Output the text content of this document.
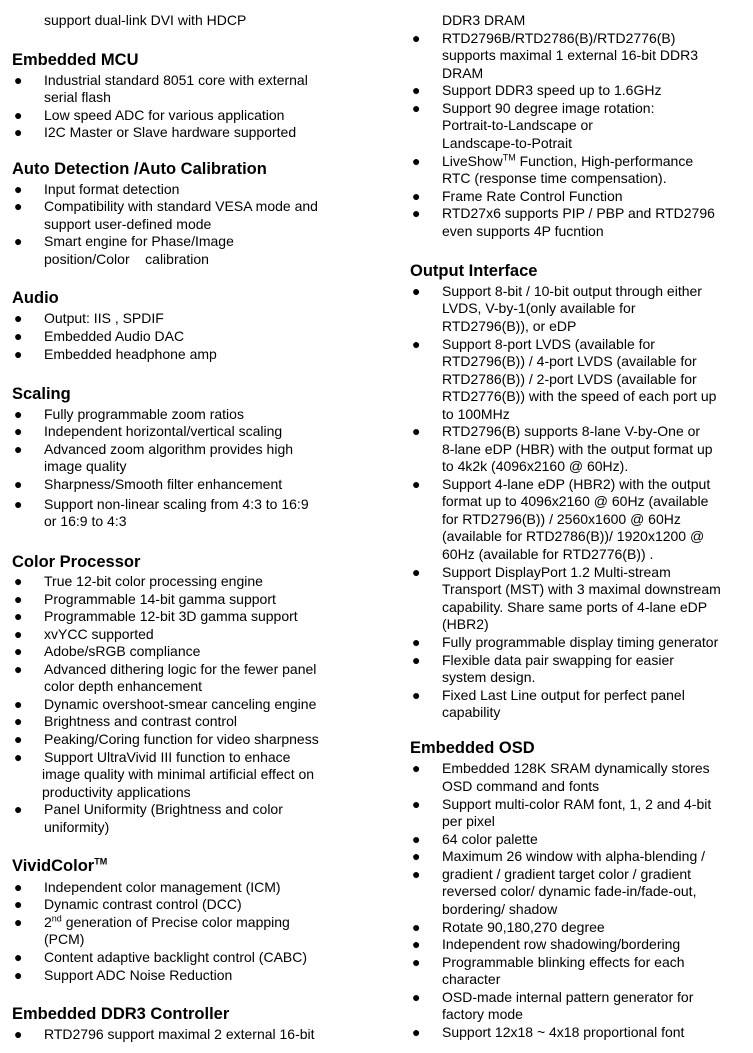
support dual-link DVI with HDCP
Embedded MCU
Industrial standard 8051 core with external
●
serial flash
Low speed ADC for various application
●
I2C Master or Slave hardware supported
●
Auto Detection /Auto Calibration
Input format detection
●
Compatibility with standard VESA mode and
●
support user-defined mode
Smart engine for Phase/Image
●
position/Color    calibration
Audio
Output: IIS , SPDIF
●
Embedded Audio DAC
●
Embedded headphone amp
●
Scaling
Fully programmable zoom ratios
●
Independent horizontal/vertical scaling
●
Advanced zoom algorithm provides high
●
image quality
Sharpness/Smooth filter enhancement
●
Support non-linear scaling from 4:3 to 16:9
●
or 16:9 to 4:3
Color Processor
True 12-bit color processing engine
●
Programmable 14-bit gamma support
●
Programmable 12-bit 3D gamma support
●
xvYCC supported
●
Adobe/sRGB compliance
●
Advanced dithering logic for the fewer panel
●
color depth enhancement
Dynamic overshoot-smear canceling engine
●
Brightness and contrast control
●
Peaking/Coring function for video sharpness
●
Support UltraVivid III function to enhace
●
image quality with minimal artificial effect on
productivity applications
Panel Uniformity (Brightness and color
●
uniformity)
VividColor™
Independent color management (ICM)
●
Dynamic contrast control (DCC)
●
2nd generation of Precise color mapping
●
(PCM)
Content adaptive backlight control (CABC)
●
Support ADC Noise Reduction
●
Embedded DDR3 Controller
RTD2796 support maximal 2 external 16-bit
●
DDR3 DRAM
RTD2796B/RTD2786(B)/RTD2776(B)
●
supports maximal 1 external 16-bit DDR3
DRAM
Support DDR3 speed up to 1.6GHz
●
Support 90 degree image rotation:
●
Portrait-to-Landscape or
Landscape-to-Potrait
LiveShow™ Function, High-performance
●
RTC (response time compensation).
Frame Rate Control Function
●
RTD27x6 supports PIP / PBP and RTD2796
●
even supports 4P fucntion
Output Interface
Support 8-bit / 10-bit output through either
●
LVDS, V-by-1(only available for
RTD2796(B)), or eDP
Support 8-port LVDS (available for
●
RTD2796(B)) / 4-port LVDS (available for
RTD2786(B)) / 2-port LVDS (available for
RTD2776(B)) with the speed of each port up
to 100MHz
RTD2796(B) supports 8-lane V-by-One or
●
8-lane eDP (HBR) with the output format up
to 4k2k (4096x2160 @ 60Hz).
Support 4-lane eDP (HBR2) with the output
●
format up to 4096x2160 @ 60Hz (available
for RTD2796(B)) / 2560x1600 @ 60Hz
(available for RTD2786(B))/ 1920x1200 @
60Hz (available for RTD2776(B)) .
Support DisplayPort 1.2 Multi-stream
●
Transport (MST) with 3 maximal downstream
capability. Share same ports of 4-lane eDP
(HBR2)
Fully programmable display timing generator
●
Flexible data pair swapping for easier
●
system design.
Fixed Last Line output for perfect panel
●
capability
Embedded OSD
Embedded 128K SRAM dynamically stores
●
OSD command and fonts
Support multi-color RAM font, 1, 2 and 4-bit
●
per pixel
64 color palette
●
Maximum 26 window with alpha-blending /
●
gradient / gradient target color / gradient
●
reversed color/ dynamic fade-in/fade-out,
bordering/ shadow
Rotate 90,180,270 degree
●
Independent row shadowing/bordering
●
Programmable blinking effects for each
●
character
OSD-made internal pattern generator for
●
factory mode
Support 12x18 ~ 4x18 proportional font
●
